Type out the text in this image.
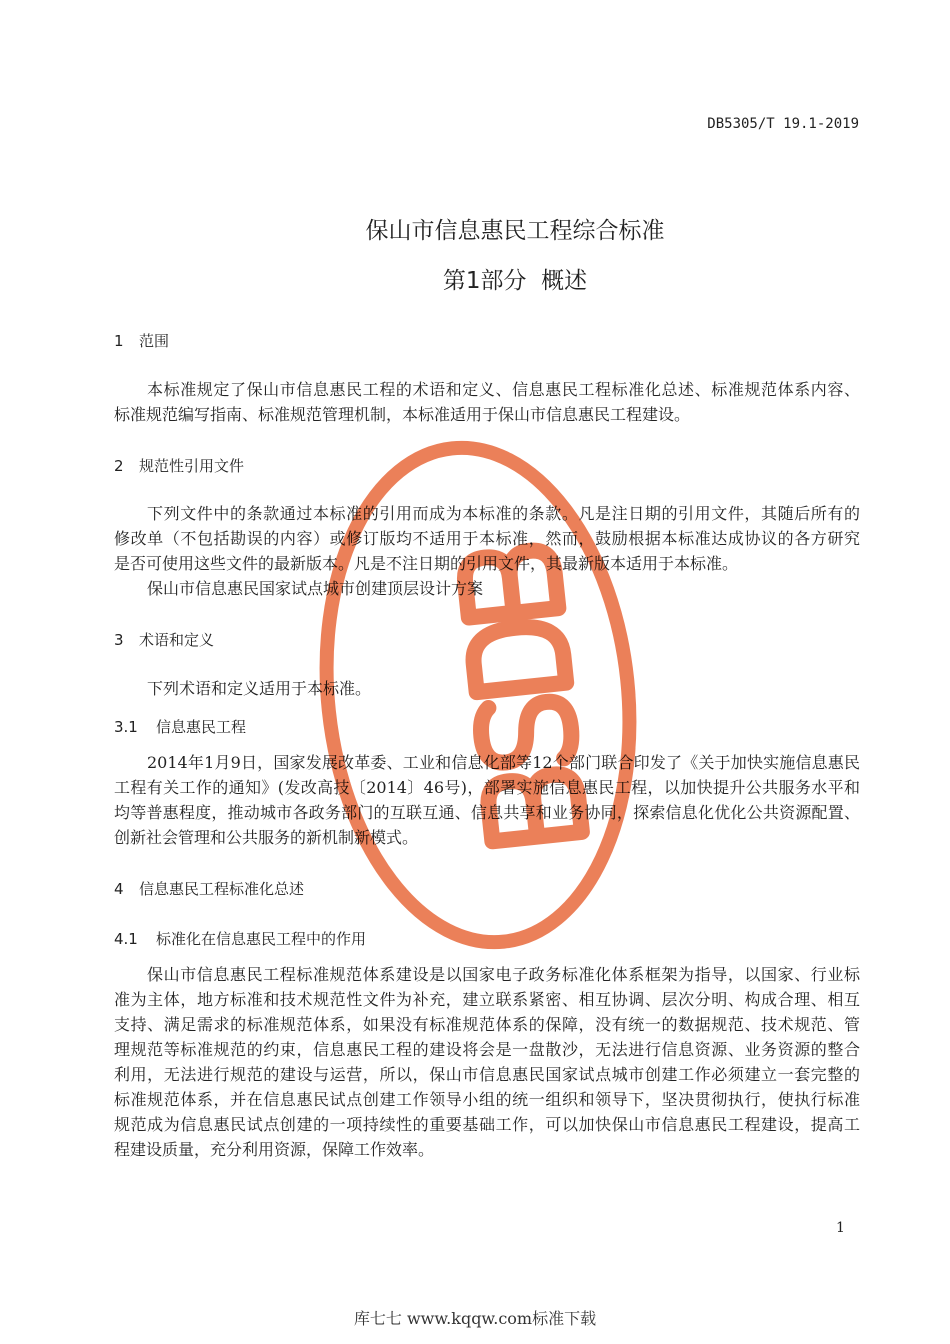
DB5305/T 19.1-2019
保山市信息惠民工程综合标准
第1部分  概述
1 范围
本标准规定了保山市信息惠民工程的术语和定义、信息惠民工程标准化总述、标准规范体系内容、
标准规范编写指南、标准规范管理机制，本标准适用于保山市信息惠民工程建设。
2 规范性引用文件
下列文件中的条款通过本标准的引用而成为本标准的条款。凡是注日期的引用文件，其随后所有的
修改单（不包括勘误的内容）或修订版均不适用于本标准，然而，鼓励根据本标准达成协议的各方研究
是否可使用这些文件的最新版本。凡是不注日期的引用文件，其最新版本适用于本标准。
保山市信息惠民国家试点城市创建顶层设计方案
3 术语和定义
下列术语和定义适用于本标准。
3.1 信息惠民工程
2014年1月9日，国家发展改革委、工业和信息化部等12个部门联合印发了《关于加快实施信息惠民
工程有关工作的通知》(发改高技〔2014〕46号)，部署实施信息惠民工程，以加快提升公共服务水平和
均等普惠程度，推动城市各政务部门的互联互通、信息共享和业务协同，探索信息化优化公共资源配置、
创新社会管理和公共服务的新机制新模式。
4 信息惠民工程标准化总述
4.1 标准化在信息惠民工程中的作用
保山市信息惠民工程标准规范体系建设是以国家电子政务标准化体系框架为指导，以国家、行业标
准为主体，地方标准和技术规范性文件为补充，建立联系紧密、相互协调、层次分明、构成合理、相互
支持、满足需求的标准规范体系，如果没有标准规范体系的保障，没有统一的数据规范、技术规范、管
理规范等标准规范的约束，信息惠民工程的建设将会是一盘散沙，无法进行信息资源、业务资源的整合
利用，无法进行规范的建设与运营，所以，保山市信息惠民国家试点城市创建工作必须建立一套完整的
标准规范体系，并在信息惠民试点创建工作领导小组的统一组织和领导下，坚决贯彻执行，使执行标准
规范成为信息惠民试点创建的一项持续性的重要基础工作，可以加快保山市信息惠民工程建设，提高工
程建设质量，充分利用资源，保障工作效率。
1
库七七 www.kqqw.com标准下载
